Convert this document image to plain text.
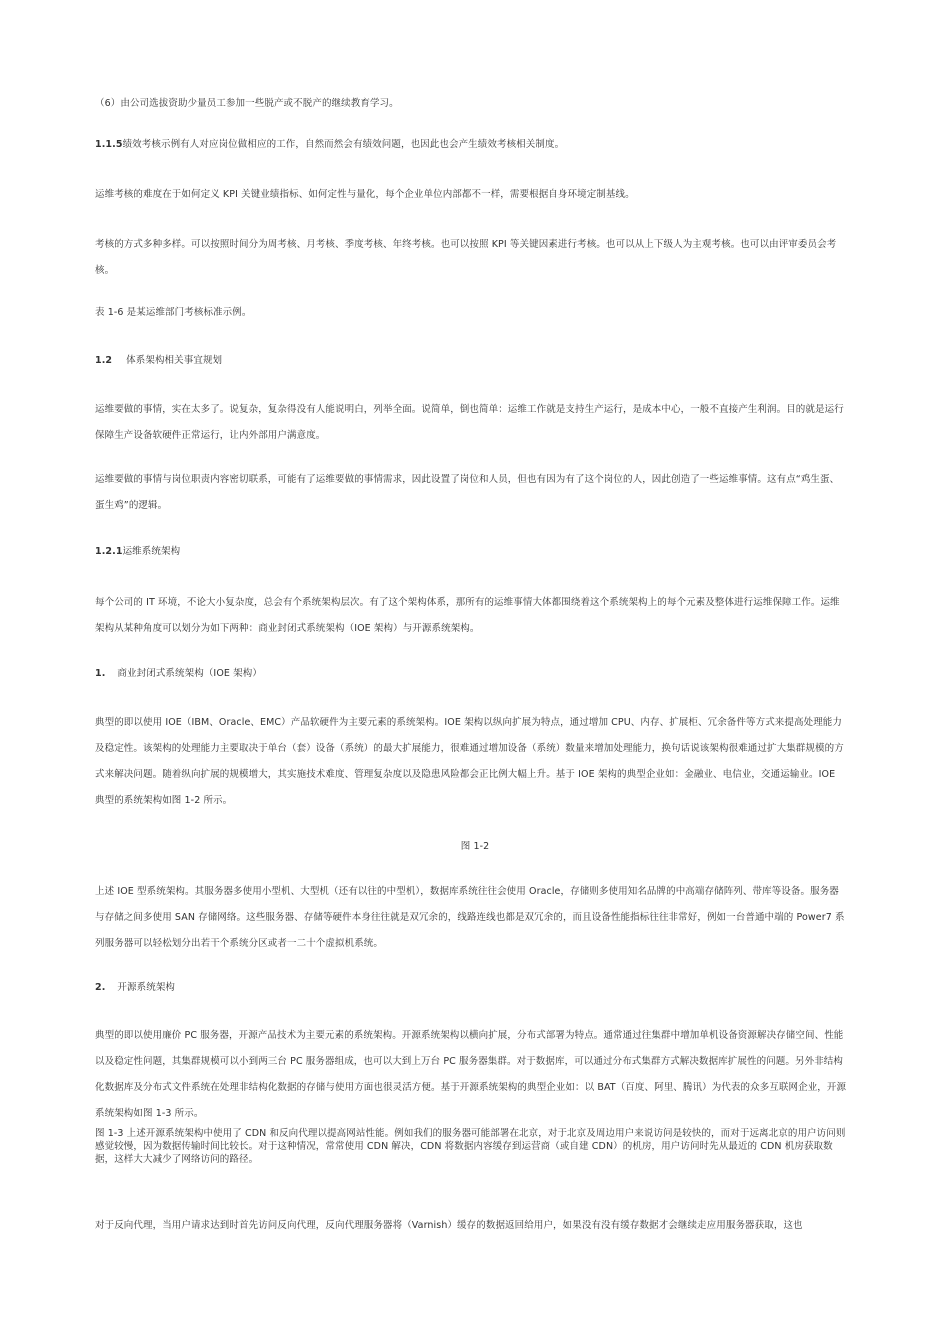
（6）由公司选拔资助少量员工参加一些脱产或不脱产的继续教育学习。

1.1.5绩效考核示例有人对应岗位做相应的工作，自然而然会有绩效问题，也因此也会产生绩效考核相关制度。

运维考核的难度在于如何定义 KPI 关键业绩指标、如何定性与量化，每个企业单位内部都不一样，需要根据自身环境定制基线。

考核的方式多种多样。可以按照时间分为周考核、月考核、季度考核、年终考核。也可以按照 KPI 等关键因素进行考核。也可以从上下级人为主观考核。也可以由评审委员会考核。

表 1-6 是某运维部门考核标准示例。

1.2 体系架构相关事宜规划

运维要做的事情，实在太多了。说复杂，复杂得没有人能说明白，列举全面。说简单，倒也简单：运维工作就是支持生产运行，是成本中心，一般不直接产生利润。目的就是运行保障生产设备软硬件正常运行，让内外部用户满意度。

运维要做的事情与岗位职责内容密切联系，可能有了运维要做的事情需求，因此设置了岗位和人员，但也有因为有了这个岗位的人，因此创造了一些运维事情。这有点“鸡生蛋、蛋生鸡”的逻辑。

1.2.1运维系统架构

每个公司的 IT 环境，不论大小复杂度，总会有个系统架构层次。有了这个架构体系，那所有的运维事情大体都围绕着这个系统架构上的每个元素及整体进行运维保障工作。运维架构从某种角度可以划分为如下两种：商业封闭式系统架构（IOE 架构）与开源系统架构。

1. 商业封闭式系统架构（IOE 架构）

典型的即以使用 IOE（IBM、Oracle、EMC）产品软硬件为主要元素的系统架构。IOE 架构以纵向扩展为特点，通过增加 CPU、内存、扩展柜、冗余备件等方式来提高处理能力及稳定性。该架构的处理能力主要取决于单台（套）设备（系统）的最大扩展能力，很难通过增加设备（系统）数量来增加处理能力，换句话说该架构很难通过扩大集群规模的方式来解决问题。随着纵向扩展的规模增大，其实施技术难度、管理复杂度以及隐患风险都会正比例大幅上升。基于 IOE 架构的典型企业如：金融业、电信业，交通运输业。IOE 典型的系统架构如图 1-2 所示。

图 1-2

上述 IOE 型系统架构。其服务器多使用小型机、大型机（还有以往的中型机），数据库系统往往会使用 Oracle，存储则多使用知名品牌的中高端存储阵列、带库等设备。服务器与存储之间多使用 SAN 存储网络。这些服务器、存储等硬件本身往往就是双冗余的，线路连线也都是双冗余的，而且设备性能指标往往非常好，例如一台普通中端的 Power7 系列服务器可以轻松划分出若干个系统分区或者一二十个虚拟机系统。

2. 开源系统架构

典型的即以使用廉价 PC 服务器，开源产品技术为主要元素的系统架构。开源系统架构以横向扩展，分布式部署为特点。通常通过往集群中增加单机设备资源解决存储空间、性能以及稳定性问题，其集群规模可以小到两三台 PC 服务器组成，也可以大到上万台 PC 服务器集群。对于数据库，可以通过分布式集群方式解决数据库扩展性的问题。另外非结构化数据库及分布式文件系统在处理非结构化数据的存储与使用方面也很灵活方便。基于开源系统架构的典型企业如：以 BAT（百度、阿里、腾讯）为代表的众多互联网企业，开源系统架构如图 1-3 所示。

图 1-3 上述开源系统架构中使用了 CDN 和反向代理以提高网站性能。例如我们的服务器可能部署在北京，对于北京及周边用户来说访问是较快的，而对于远离北京的用户访问则感觉较慢，因为数据传输时间比较长。对于这种情况，常常使用 CDN 解决，CDN 将数据内容缓存到运营商（或自建 CDN）的机房，用户访问时先从最近的 CDN 机房获取数据，这样大大减少了网络访问的路径。

对于反向代理，当用户请求达到时首先访问反向代理，反向代理服务器将（Varnish）缓存的数据返回给用户，如果没有没有缓存数据才会继续走应用服务器获取，这也
